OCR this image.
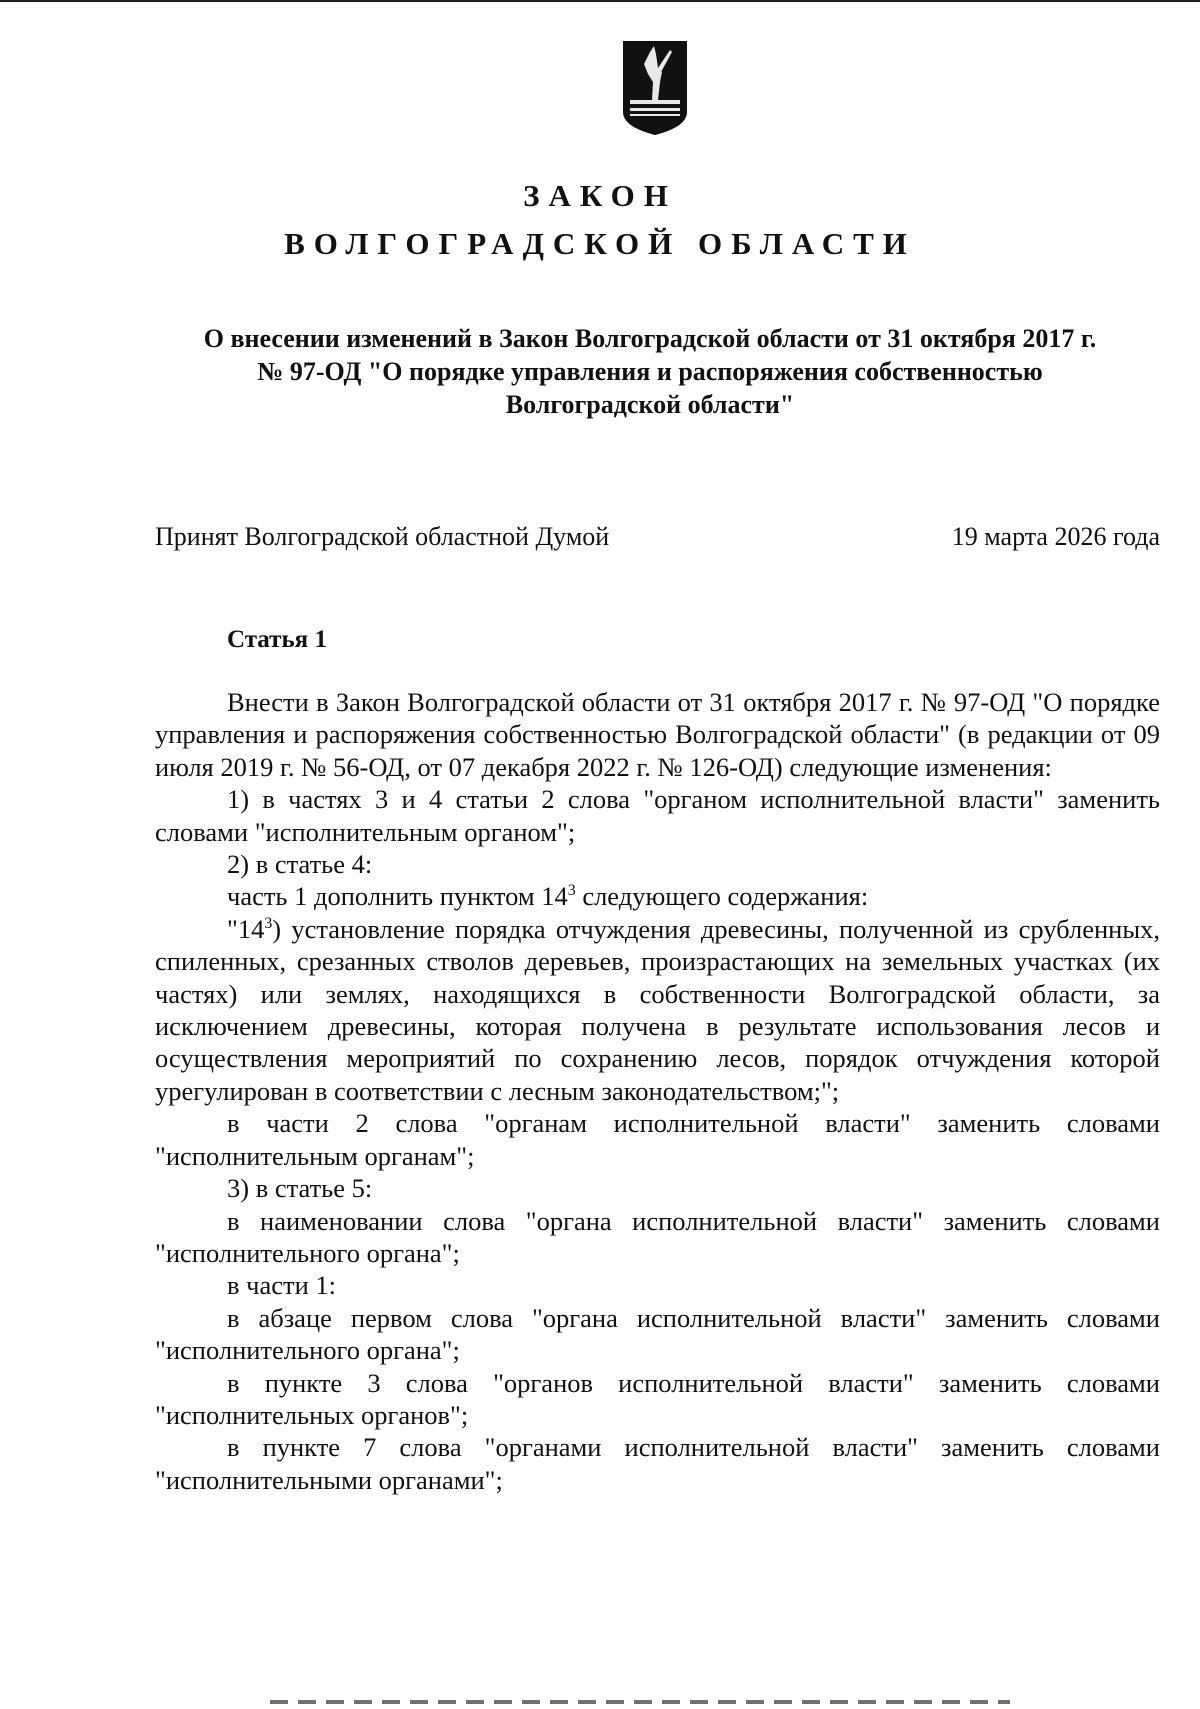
ЗАКОН
ВОЛГОГРАДСКОЙ ОБЛАСТИ
О внесении изменений в Закон Волгоградской области от 31 октября 2017 г.
№ 97-ОД "О порядке управления и распоряжения собственностью
Волгоградской области"
Принят Волгоградской областной Думой	19 марта 2026 года
Статья 1

Внести в Закон Волгоградской области от 31 октября 2017 г. № 97-ОД "О порядке управления и распоряжения собственностью Волгоградской области" (в редакции от 09 июля 2019 г. № 56-ОД, от 07 декабря 2022 г. № 126-ОД) следующие изменения:

1) в частях 3 и 4 статьи 2 слова "органом исполнительной власти" заменить словами "исполнительным органом";

2) в статье 4:

часть 1 дополнить пунктом $14^3$ следующего содержания:

"$14^3$) установление порядка отчуждения древесины, полученной из срубленных, спиленных, срезанных стволов деревьев, произрастающих на земельных участках (их частях) или землях, находящихся в собственности Волгоградской области, за исключением древесины, которая получена в результате использования лесов и осуществления мероприятий по сохранению лесов, порядок отчуждения которой урегулирован в соответствии с лесным законодательством;";

в части 2 слова "органам исполнительной власти" заменить словами "исполнительным органам";

3) в статье 5:

в наименовании слова "органа исполнительной власти" заменить словами "исполнительного органа";

в части 1:

в абзаце первом слова "органа исполнительной власти" заменить словами "исполнительного органа";

в пункте 3 слова "органов исполнительной власти" заменить словами "исполнительных органов";

в пункте 7 слова "органами исполнительной власти" заменить словами "исполнительными органами";
